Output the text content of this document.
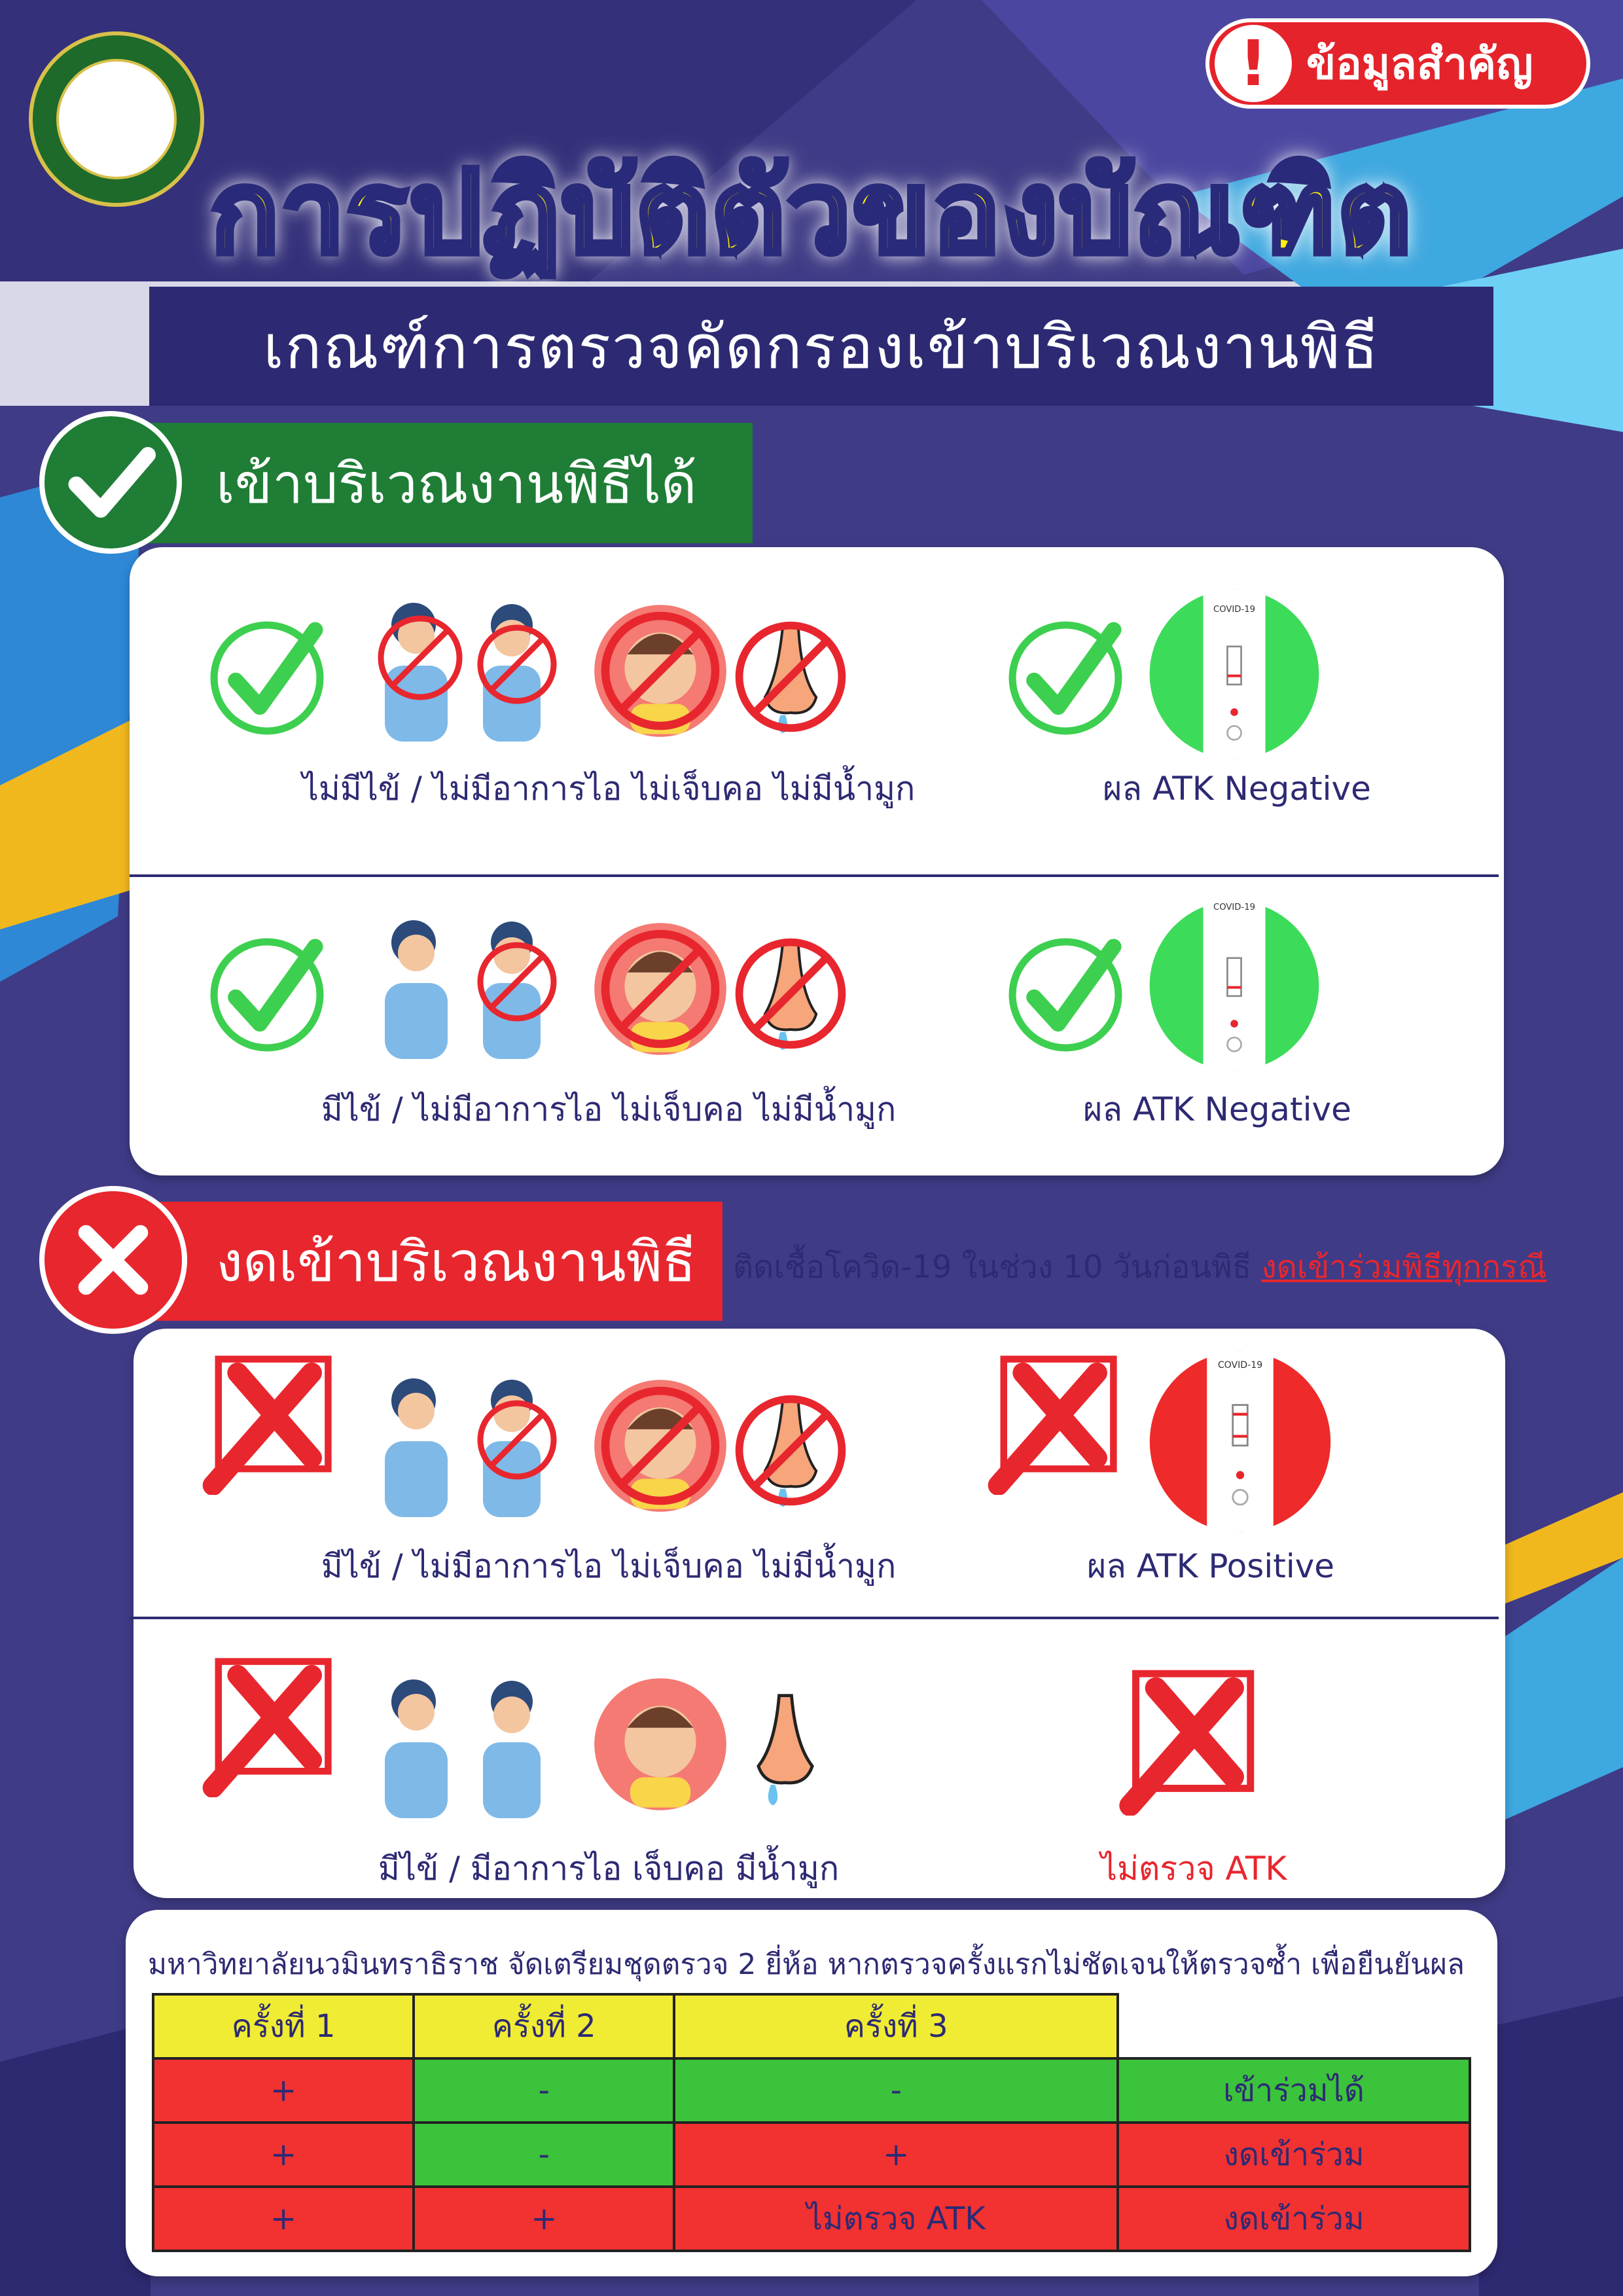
! ข้อมูลสำคัญ
การปฏิบัติตัวของบัณฑิต
เกณฑ์การตรวจคัดกรองเข้าบริเวณงานพิธี
เข้าบริเวณงานพิธีได้
ไม่มีไข้ / ไม่มีอาการไอ ไม่เจ็บคอ ไม่มีน้ำมูก
COVID-19
ผล ATK Negative
มีไข้ / ไม่มีอาการไอ ไม่เจ็บคอ ไม่มีน้ำมูก
COVID-19
ผล ATK Negative
งดเข้าบริเวณงานพิธี ติดเชื้อโควิด-19 ในช่วง 10 วันก่อนพิธี งดเข้าร่วมพิธีทุกกรณี
มีไข้ / ไม่มีอาการไอ ไม่เจ็บคอ ไม่มีน้ำมูก
COVID-19
ผล ATK Positive
มีไข้ / มีอาการไอ เจ็บคอ มีน้ำมูก	ไม่ตรวจ ATK
มหาวิทยาลัยนวมินทราธิราช จัดเตรียมชุดตรวจ 2 ยี่ห้อ หากตรวจครั้งแรกไม่ชัดเจนให้ตรวจซ้ำ เพื่อยืนยันผล
ครั้งที่ 1	ครั้งที่ 2	ครั้งที่ 3	
+	-	-	เข้าร่วมได้
+	-	+	งดเข้าร่วม
+	+	ไม่ตรวจ ATK	งดเข้าร่วม
